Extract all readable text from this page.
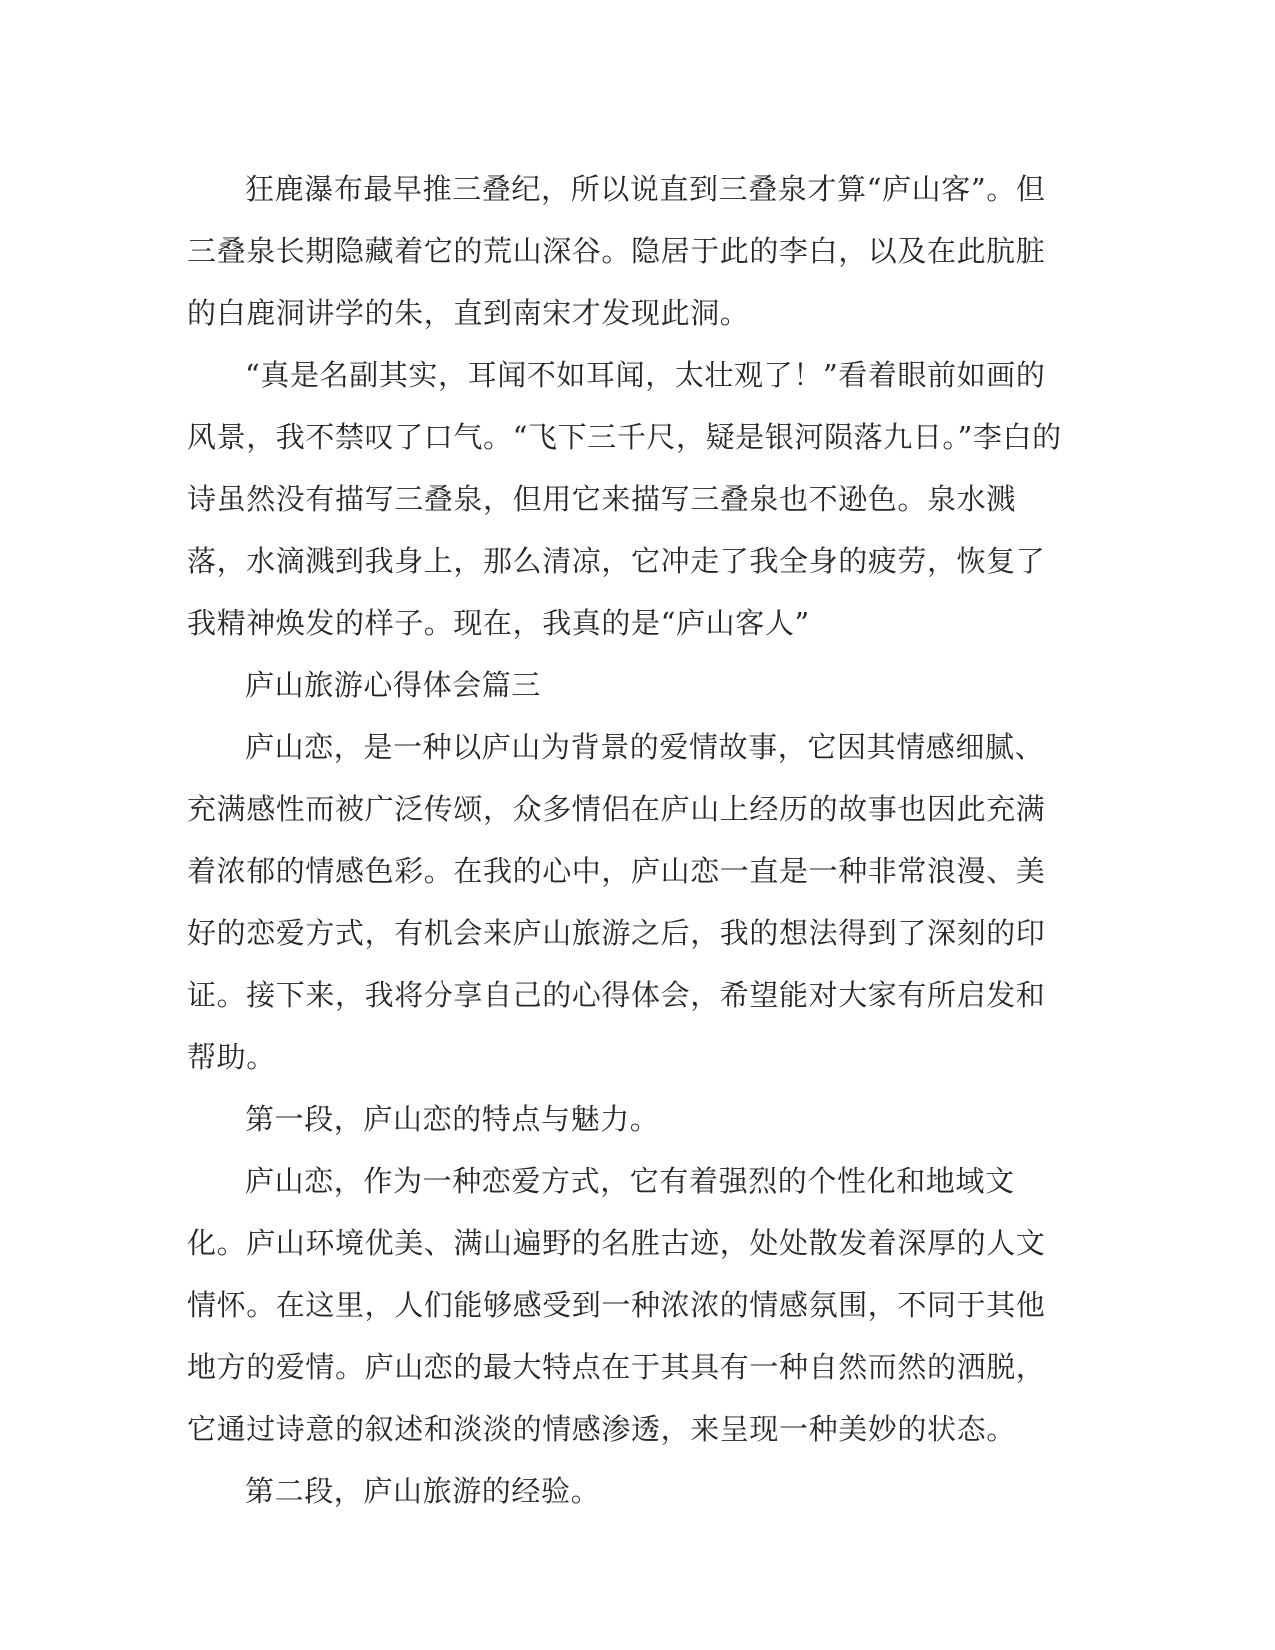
狂鹿瀑布最早推三叠纪，所以说直到三叠泉才算“庐山客”。但三叠泉长期隐藏着它的荒山深谷。隐居于此的李白，以及在此肮脏的白鹿洞讲学的朱，直到南宋才发现此洞。

“真是名副其实，耳闻不如耳闻，太壮观了！”看着眼前如画的风景，我不禁叹了口气。“飞下三千尺，疑是银河陨落九日。”李白的诗虽然没有描写三叠泉，但用它来描写三叠泉也不逊色。泉水溅落，水滴溅到我身上，那么清凉，它冲走了我全身的疲劳，恢复了我精神焕发的样子。现在，我真的是“庐山客人”

庐山旅游心得体会篇三

庐山恋，是一种以庐山为背景的爱情故事，它因其情感细腻、充满感性而被广泛传颂，众多情侣在庐山上经历的故事也因此充满着浓郁的情感色彩。在我的心中，庐山恋一直是一种非常浪漫、美好的恋爱方式，有机会来庐山旅游之后，我的想法得到了深刻的印证。接下来，我将分享自己的心得体会，希望能对大家有所启发和帮助。

第一段，庐山恋的特点与魅力。

庐山恋，作为一种恋爱方式，它有着强烈的个性化和地域文化。庐山环境优美、满山遍野的名胜古迹，处处散发着深厚的人文情怀。在这里，人们能够感受到一种浓浓的情感氛围，不同于其他地方的爱情。庐山恋的最大特点在于其具有一种自然而然的洒脱，它通过诗意的叙述和淡淡的情感渗透，来呈现一种美妙的状态。

第二段，庐山旅游的经验。
